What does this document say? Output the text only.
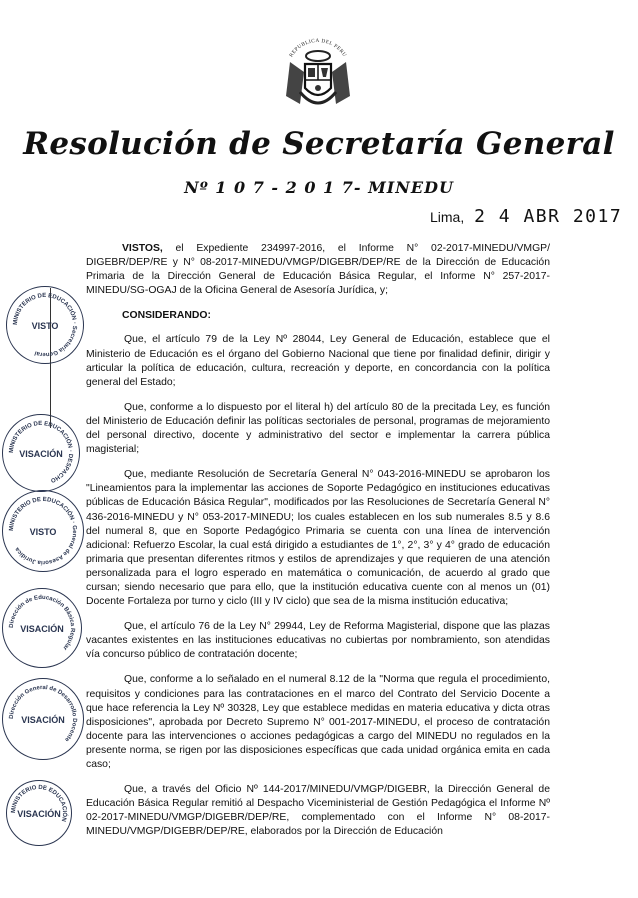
REPUBLICA DEL PERU
Resolución de Secretaría General
Nº 1 0 7 - 2 0 1 7- MINEDU
Lima, 2 4 ABR 2017
MINISTERIO DE EDUCACIÓN · Secretaría General
VISTO
MINISTERIO DE EDUCACIÓN · DESPACHO
VISACIÓN
MINISTERIO DE EDUCACIÓN · General de Asesoría Jurídica
VISTO
Dirección de Educación Básica Regular
VISACIÓN
Dirección General de Desarrollo Docente
VISACIÓN
MINISTERIO DE EDUCACIÓN
VISACIÓN

VISTOS, el Expediente 234997-2016, el Informe N° 02-2017-MINEDU/VMGP/ DIGEBR/DEP/RE y N° 08-2017-MINEDU/VMGP/DIGEBR/DEP/RE de la Dirección de Educación Primaria de la Dirección General de Educación Básica Regular, el Informe N° 257-2017-MINEDU/SG-OGAJ de la Oficina General de Asesoría Jurídica, y;

CONSIDERANDO:

Que, el artículo 79 de la Ley Nº 28044, Ley General de Educación, establece que el Ministerio de Educación es el órgano del Gobierno Nacional que tiene por finalidad definir, dirigir y articular la política de educación, cultura, recreación y deporte, en concordancia con la política general del Estado;

Que, conforme a lo dispuesto por el literal h) del artículo 80 de la precitada Ley, es función del Ministerio de Educación definir las políticas sectoriales de personal, programas de mejoramiento del personal directivo, docente y administrativo del sector e implementar la carrera pública magisterial;

Que, mediante Resolución de Secretaría General N° 043-2016-MINEDU se aprobaron los "Lineamientos para la implementar las acciones de Soporte Pedagógico en instituciones educativas públicas de Educación Básica Regular", modificados por las Resoluciones de Secretaría General N° 436-2016-MINEDU y N° 053-2017-MINEDU; los cuales establecen en los sub numerales 8.5 y 8.6 del numeral 8, que en Soporte Pedagógico Primaria se cuenta con una línea de intervención adicional: Refuerzo Escolar, la cual está dirigido a estudiantes de 1°, 2°, 3° y 4° grado de educación primaria que presentan diferentes ritmos y estilos de aprendizajes y que requieren de una atención personalizada para el logro esperado en matemática o comunicación, de acuerdo al grado que cursan; siendo necesario que para ello, que la institución educativa cuente con al menos un (01) Docente Fortaleza por turno y ciclo (III y IV ciclo) que sea de la misma institución educativa;

Que, el artículo 76 de la Ley N° 29944, Ley de Reforma Magisterial, dispone que las plazas vacantes existentes en las instituciones educativas no cubiertas por nombramiento, son atendidas vía concurso público de contratación docente;

Que, conforme a lo señalado en el numeral 8.12 de la "Norma que regula el procedimiento, requisitos y condiciones para las contrataciones en el marco del Contrato del Servicio Docente a que hace referencia la Ley Nº 30328, Ley que establece medidas en materia educativa y dicta otras disposiciones", aprobada por Decreto Supremo N° 001-2017-MINEDU, el proceso de contratación docente para las intervenciones o acciones pedagógicas a cargo del MINEDU no regulados en la presente norma, se rigen por las disposiciones específicas que cada unidad orgánica emita en cada caso;

Que, a través del Oficio Nº 144-2017/MINEDU/VMGP/DIGEBR, la Dirección General de Educación Básica Regular remitió al Despacho Viceministerial de Gestión Pedagógica el Informe Nº 02-2017-MINEDU/VMGP/DIGEBR/DEP/RE, complementado con el Informe N° 08-2017-MINEDU/VMGP/DIGEBR/DEP/RE, elaborados por la Dirección de Educación
